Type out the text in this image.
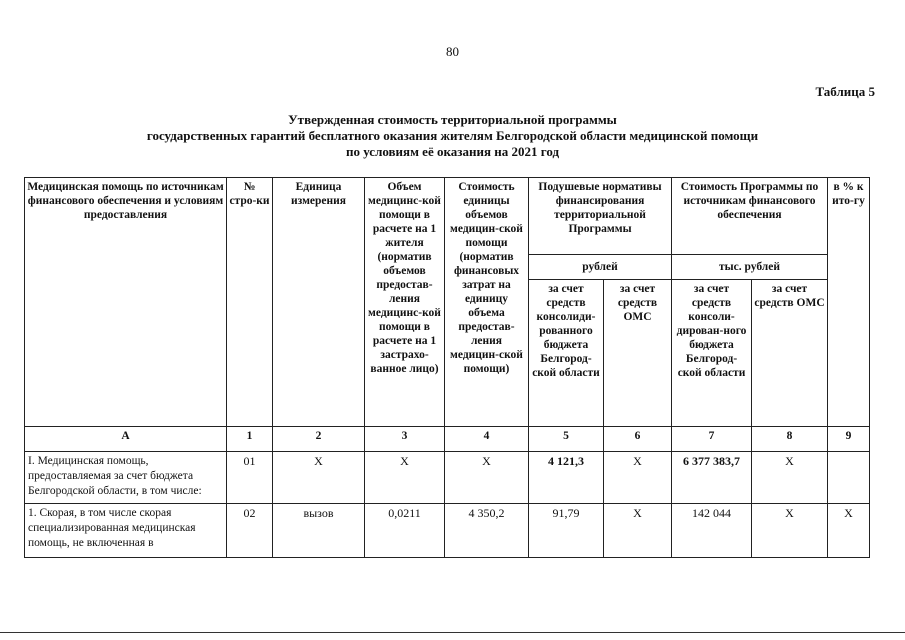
80
Таблица 5
Утвержденная стоимость территориальной программы
государственных гарантий бесплатного оказания жителям Белгородской области медицинской помощи
по условиям её оказания на 2021 год
Медицинская помощь по источникам финансового обеспечения и условиям предоставления	№ стро-ки	Единица измерения	Объем медицинс-кой помощи в расчете на 1 жителя (норматив объемов предостав-ления медицинс-кой помощи в расчете на 1 застрахо-ванное лицо)	Стоимость единицы объемов медицин-ской помощи (норматив финансовых затрат на единицу объема предостав-ления медицин-ской помощи)	Подушевые нормативы финансирования территориальной Программы		Стоимость Программы по источникам финансового обеспечения		в % к ито-гу
					рублей		тыс. рублей		
					за счет средств консолиди-рованного бюджета Белгород-ской области	за счет средств ОМС	за счет средств консоли-дирован-ного бюджета Белгород-ской области	за счет средств ОМС	
А	1	2	3	4	5	6	7	8	9
I. Медицинская помощь, предоставляемая за счет бюджета Белгородской области, в том числе:	01	Х	Х	Х	4 121,3	Х	6 377 383,7	Х	
1. Скорая, в том числе скорая специализированная медицинская помощь, не включенная в	02	вызов	0,0211	4 350,2	91,79	Х	142 044	Х	Х
